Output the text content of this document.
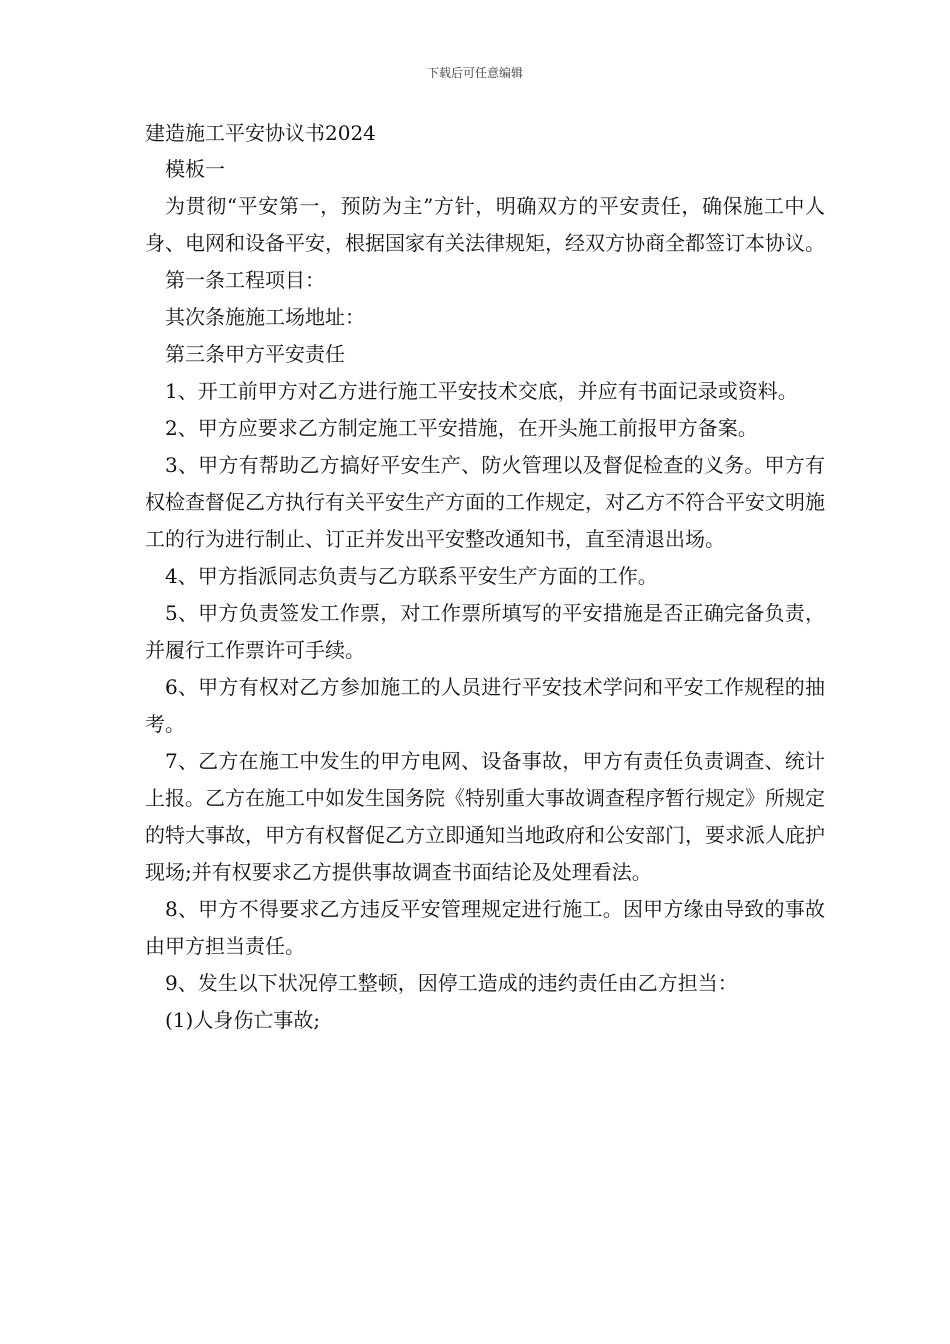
下载后可任意编辑

建造施工平安协议书2024

模板一

为贯彻“平安第一，预防为主”方针，明确双方的平安责任，确保施工中人身、电网和设备平安，根据国家有关法律规矩，经双方协商全都签订本协议。

第一条工程项目：

其次条施施工场地址：

第三条甲方平安责任

1、开工前甲方对乙方进行施工平安技术交底，并应有书面记录或资料。

2、甲方应要求乙方制定施工平安措施，在开头施工前报甲方备案。

3、甲方有帮助乙方搞好平安生产、防火管理以及督促检查的义务。甲方有权检查督促乙方执行有关平安生产方面的工作规定，对乙方不符合平安文明施工的行为进行制止、订正并发出平安整改通知书，直至清退出场。

4、甲方指派同志负责与乙方联系平安生产方面的工作。

5、甲方负责签发工作票，对工作票所填写的平安措施是否正确完备负责，并履行工作票许可手续。

6、甲方有权对乙方参加施工的人员进行平安技术学问和平安工作规程的抽考。

7、乙方在施工中发生的甲方电网、设备事故，甲方有责任负责调查、统计上报。乙方在施工中如发生国务院《特别重大事故调查程序暂行规定》所规定的特大事故，甲方有权督促乙方立即通知当地政府和公安部门，要求派人庇护现场;并有权要求乙方提供事故调查书面结论及处理看法。

8、甲方不得要求乙方违反平安管理规定进行施工。因甲方缘由导致的事故由甲方担当责任。

9、发生以下状况停工整顿，因停工造成的违约责任由乙方担当：

(1)人身伤亡事故;
